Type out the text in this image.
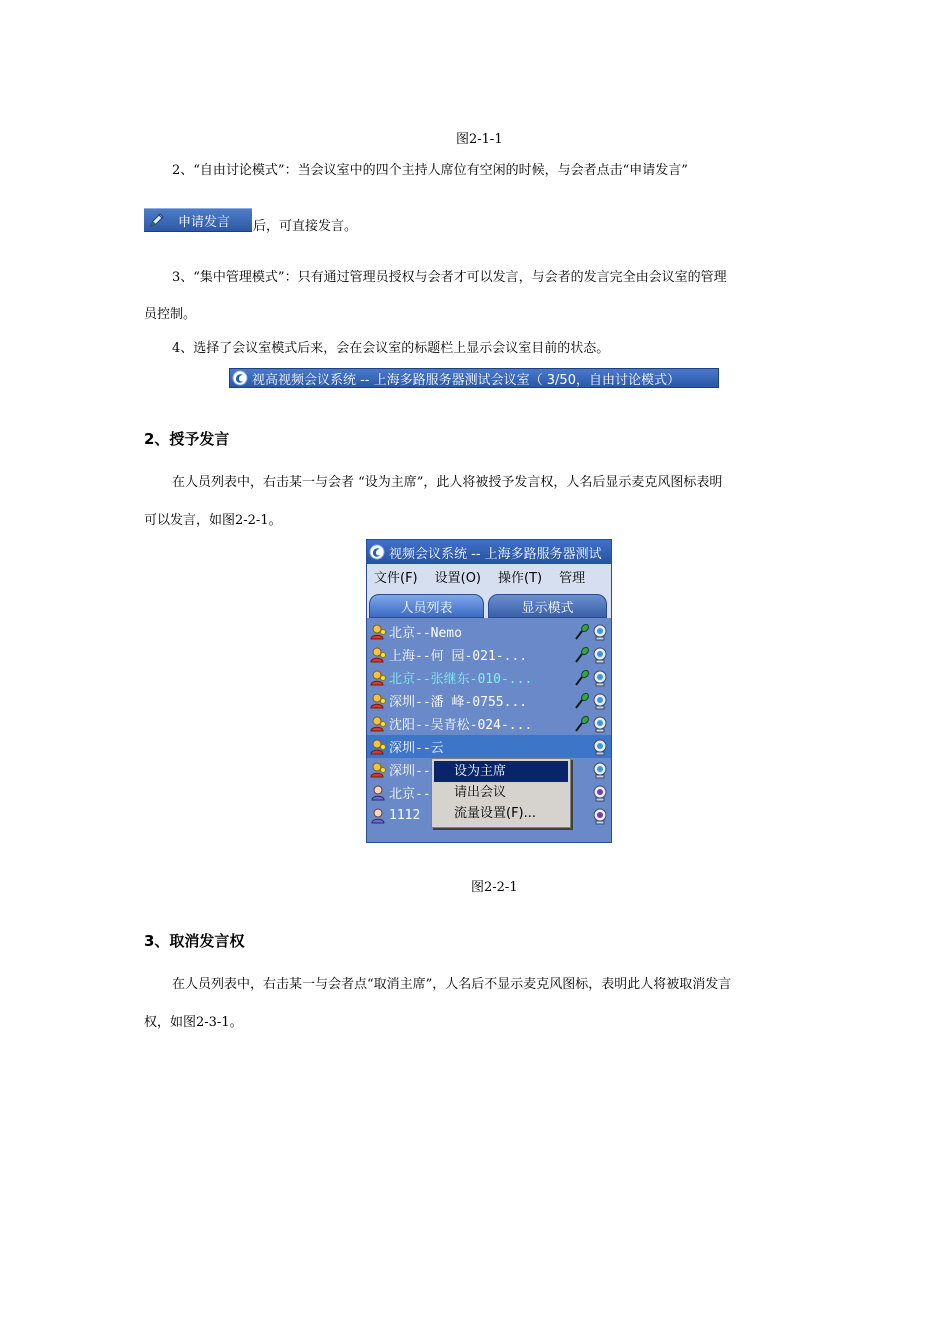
图2-1-1
2、“自由讨论模式”：当会议室中的四个主持人席位有空闲的时候，与会者点击“申请发言”
申请发言	后，可直接发言。
3、“集中管理模式”：只有通过管理员授权与会者才可以发言，与会者的发言完全由会议室的管理
员控制。
4、选择了会议室模式后来，会在会议室的标题栏上显示会议室目前的状态。
视高视频会议系统 -- 上海多路服务器测试会议室（ 3/50，自由讨论模式）
2、授予发言
在人员列表中，右击某一与会者 “设为主席”，此人将被授予发言权，人名后显示麦克风图标表明
可以发言，如图2-2-1。
视频会议系统 -- 上海多路服务器测试
文件(F)	设置(O)	操作(T)	管理
人员列表	显示模式
北京--Nemo
上海--何 园-021-...
北京--张继东-010-...
深圳--潘 峰-0755...
沈阳--吴青松-024-...
深圳--云
深圳--
北京--
1112
设为主席
请出会议
流量设置(F)...
图2-2-1
3、取消发言权
在人员列表中，右击某一与会者点“取消主席”，人名后不显示麦克风图标，表明此人将被取消发言
权，如图2-3-1。
